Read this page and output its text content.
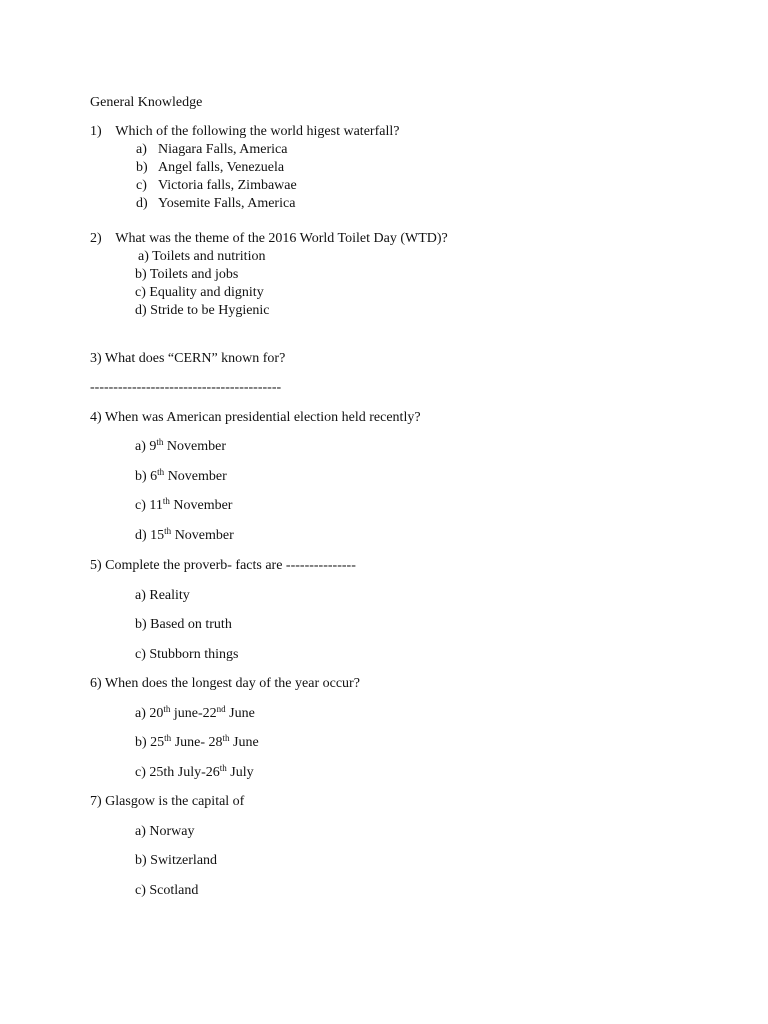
General Knowledge
1) Which of the following the world higest waterfall?
a) Niagara Falls, America
b) Angel falls, Venezuela
c) Victoria falls, Zimbawae
d) Yosemite Falls, America
2) What was the theme of the 2016 World Toilet Day (WTD)?
a) Toilets and nutrition
b) Toilets and jobs
c) Equality and dignity
d) Stride to be Hygienic
3) What does “CERN” known for?
-----------------------------------------
4) When was American presidential election held recently?
a) 9th November
b) 6th November
c) 11th November
d) 15th November
5) Complete the proverb- facts are ---------------
a) Reality
b) Based on truth
c) Stubborn things
6) When does the longest day of the year occur?
a) 20th june-22nd June
b) 25th June- 28th June
c) 25th July-26th July
7) Glasgow is the capital of
a) Norway
b) Switzerland
c) Scotland
